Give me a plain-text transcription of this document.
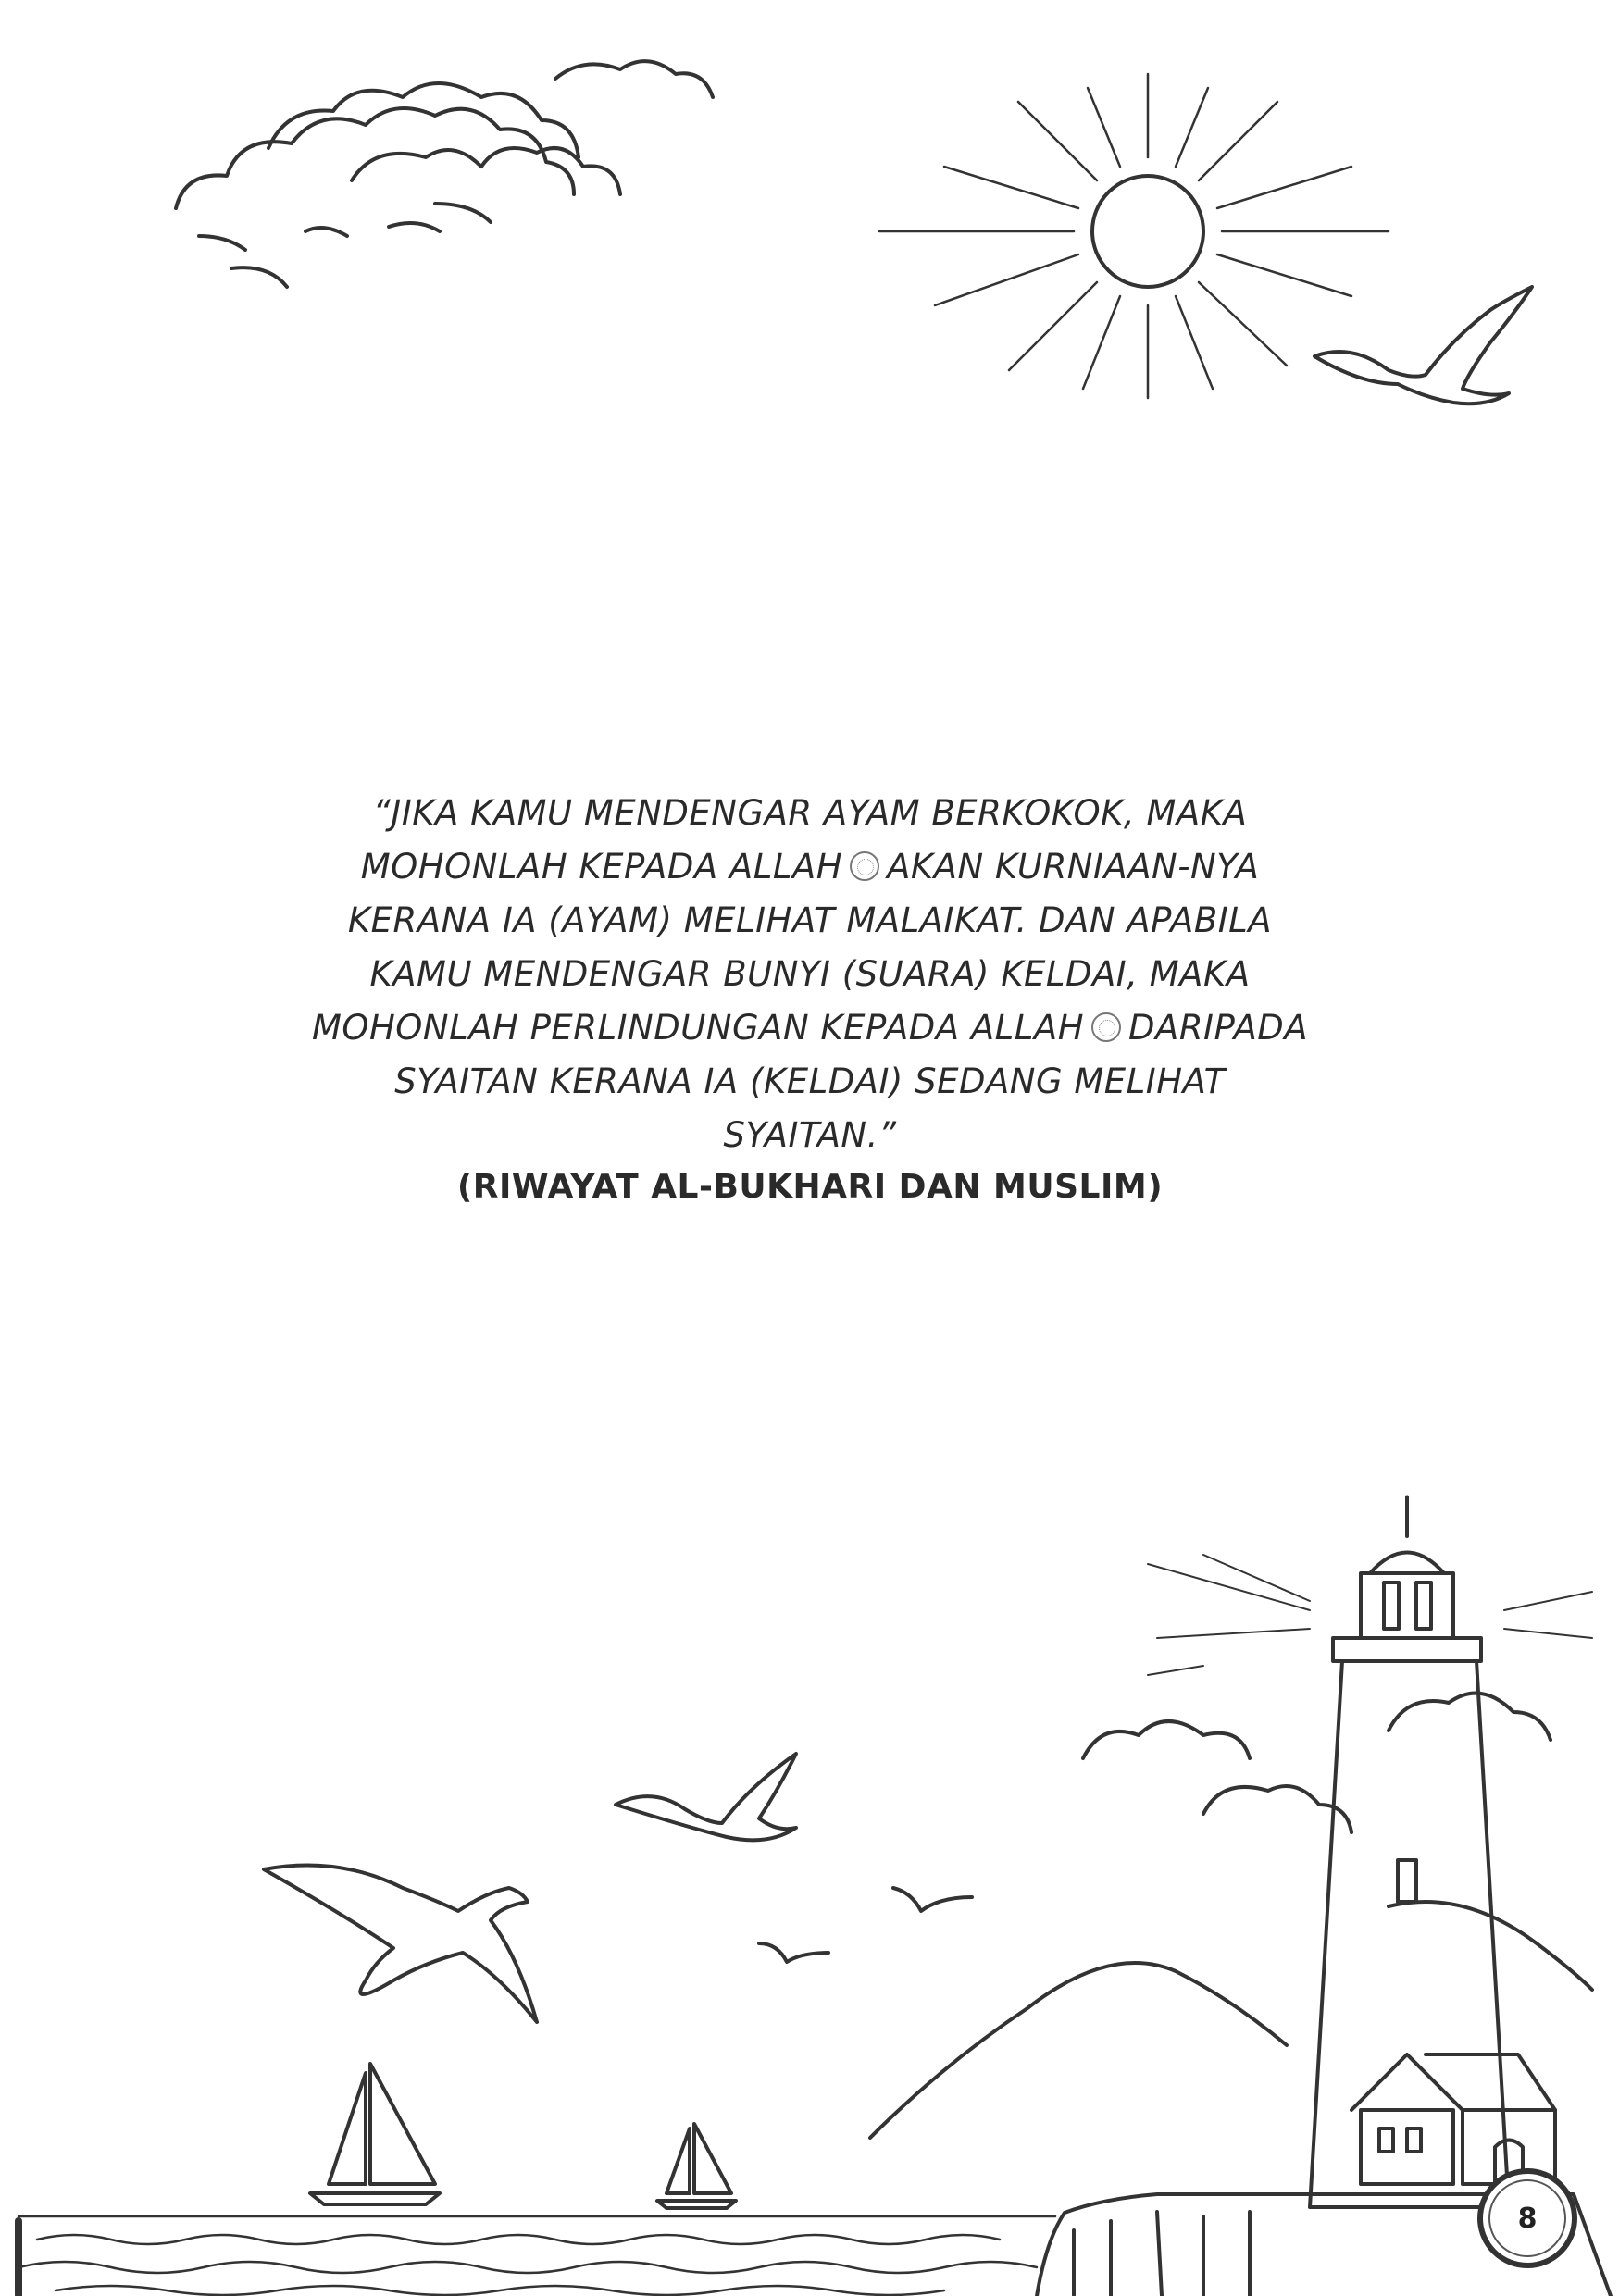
“JIKA KAMU MENDENGAR AYAM BERKOKOK, MAKA
MOHONLAH KEPADA ALLAH AKAN KURNIAAN-NYA
KERANA IA (AYAM) MELIHAT MALAIKAT. DAN APABILA
KAMU MENDENGAR BUNYI (SUARA) KELDAI, MAKA
MOHONLAH PERLINDUNGAN KEPADA ALLAH DARIPADA
SYAITAN KERANA IA (KELDAI) SEDANG MELIHAT SYAITAN.”
(RIWAYAT AL-BUKHARI DAN MUSLIM)
8
